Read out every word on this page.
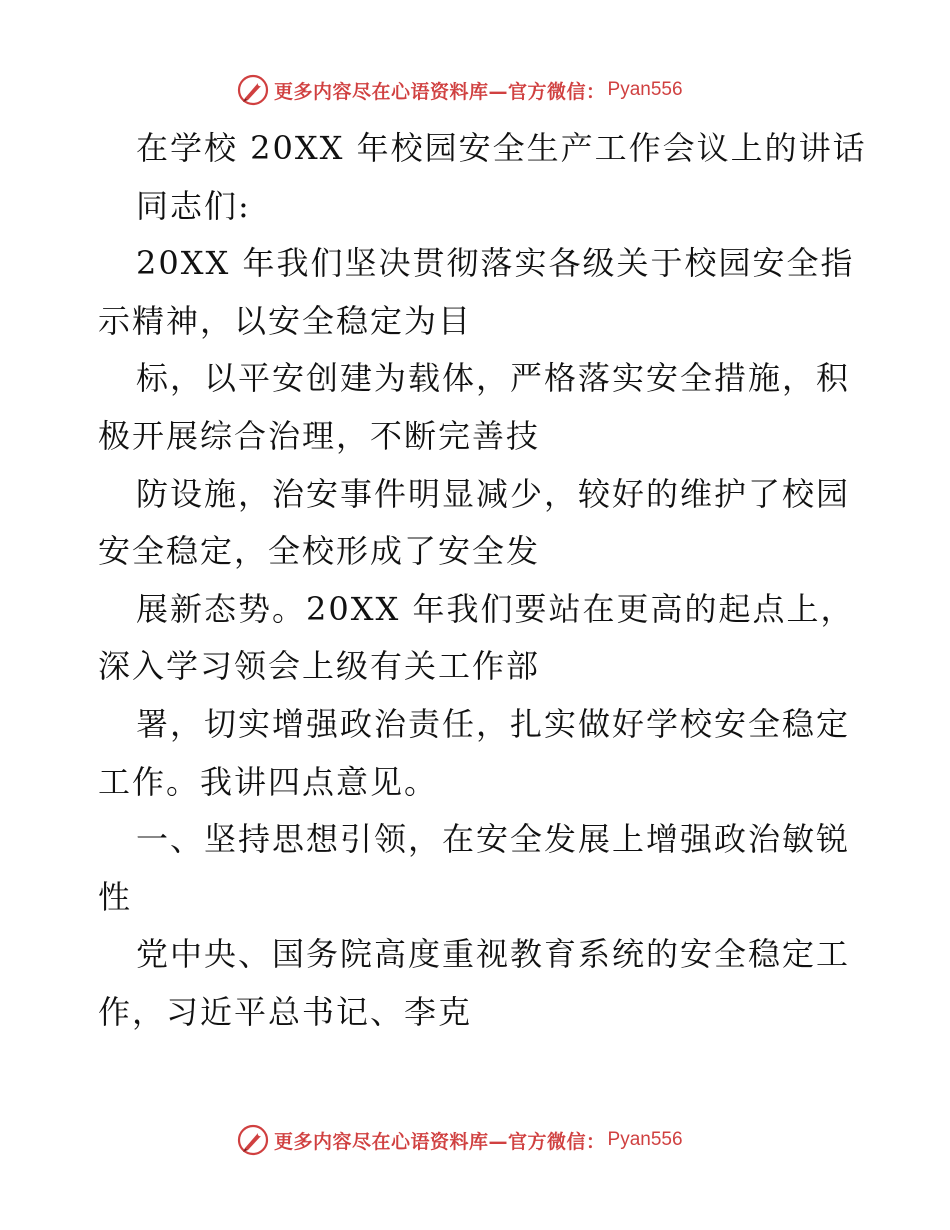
更多内容尽在心语资料库—官方微信： Pyan556
在学校 20XX 年校园安全生产工作会议上的讲话
同志们:
20XX 年我们坚决贯彻落实各级关于校园安全指
示精神，以安全稳定为目
标，以平安创建为载体，严格落实安全措施，积
极开展综合治理，不断完善技
防设施，治安事件明显减少，较好的维护了校园
安全稳定，全校形成了安全发
展新态势。20XX 年我们要站在更高的起点上，
深入学习领会上级有关工作部
署，切实增强政治责任，扎实做好学校安全稳定
工作。我讲四点意见。
一、坚持思想引领，在安全发展上增强政治敏锐
性
党中央、国务院高度重视教育系统的安全稳定工
作，习近平总书记、李克
更多内容尽在心语资料库—官方微信： Pyan556
